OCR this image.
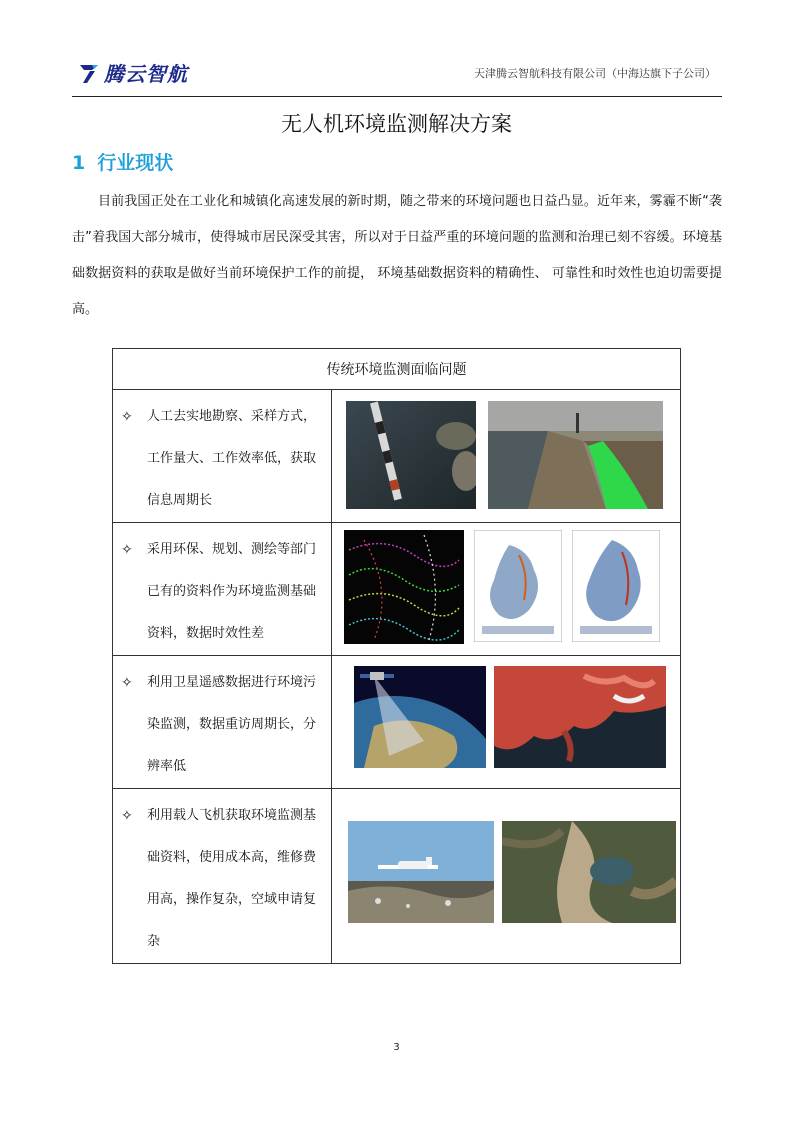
腾云智航	天津腾云智航科技有限公司（中海达旗下子公司）
无人机环境监测解决方案
1 行业现状
目前我国正处在工业化和城镇化高速发展的新时期，随之带来的环境问题也日益凸显。近年来，雾霾不断“袭击”着我国大部分城市，使得城市居民深受其害，所以对于日益严重的环境问题的监测和治理已刻不容缓。环境基础数据资料的获取是做好当前环境保护工作的前提， 环境基础数据资料的精确性、 可靠性和时效性也迫切需要提高。
传统环境监测面临问题	

✧ 人工去实地勘察、采样方式，工作量大、工作效率低，获取信息周期长

✧ 采用环保、规划、测绘等部门已有的资料作为环境监测基础资料，数据时效性差

✧ 利用卫星遥感数据进行环境污染监测，数据重访周期长，分辨率低

✧ 利用载人飞机获取环境监测基础资料，使用成本高，维修费用高，操作复杂，空域申请复杂

3
